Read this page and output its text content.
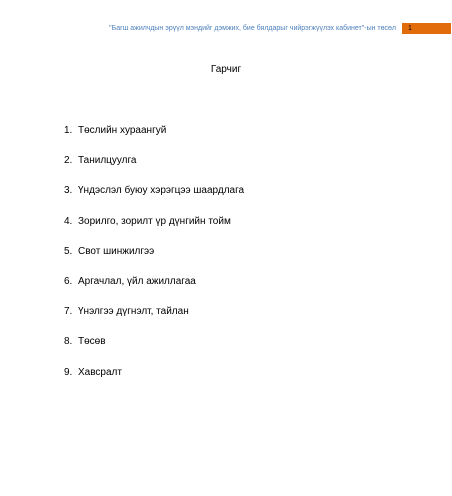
"Багш ажилчдын эрүүл мэндийг дэмжих, бие бялдарыг чийрэгжүүлэх кабинет"-ын төсөл	1
Гарчиг
1. Төслийн хураангуй
2. Танилцуулга
3. Үндэслэл буюу хэрэгцээ шаардлага
4. Зорилго, зорилт үр дүнгийн тойм
5. Свот шинжилгээ
6. Аргачлал, үйл ажиллагаа
7. Үнэлгээ дүгнэлт, тайлан
8. Төсөв
9. Хавсралт
